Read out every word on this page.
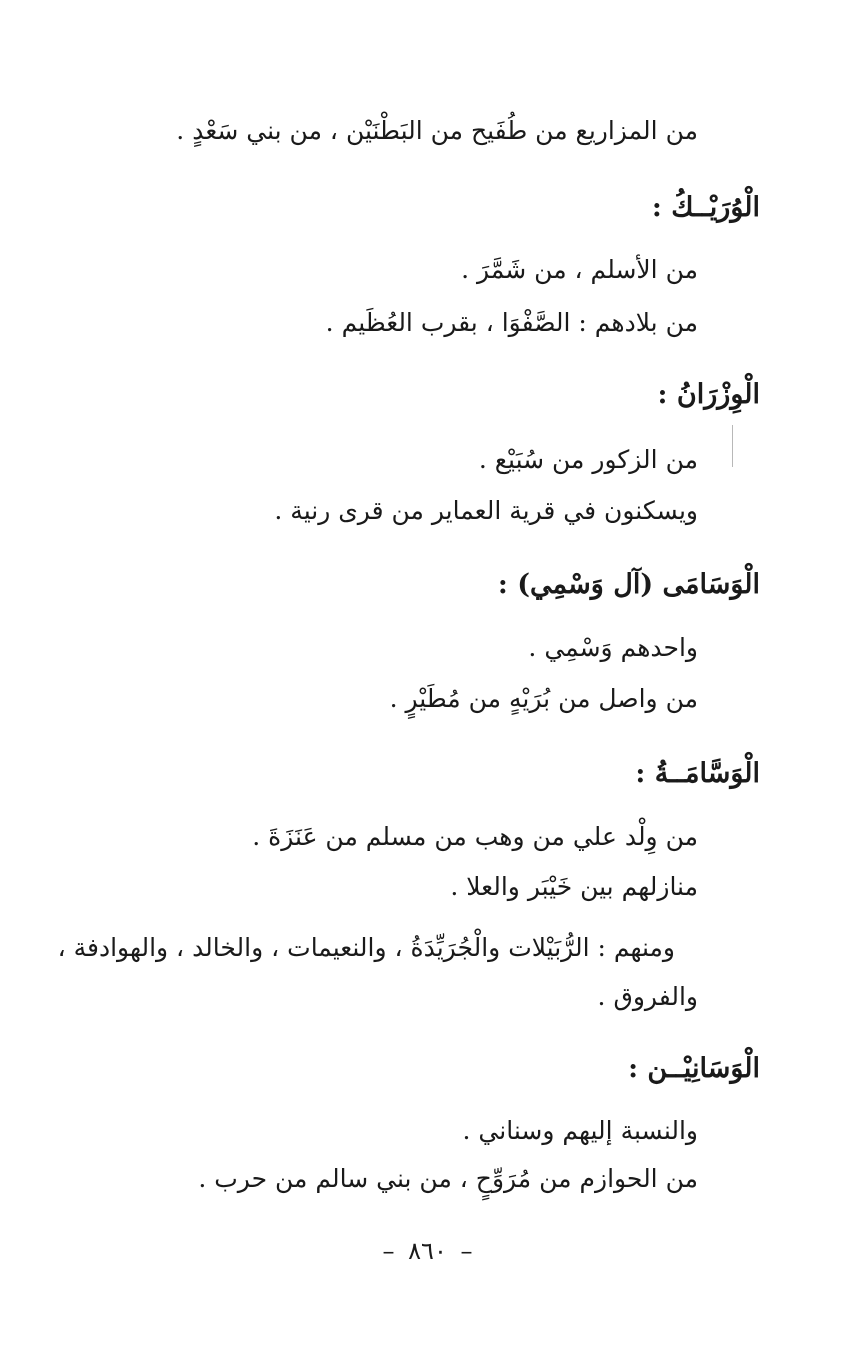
من المزاريع من طُفَيح من البَطْنَيْن ، من بني سَعْدٍ .
الْوُرَيْــكُ :
من الأسلم ، من شَمَّرَ .
من بلادهم : الصَّفْوَا ، بقرب العُظَيم .
الْوِزْرَانُ :
من الزكور من سُبَيْع .
ويسكنون في قرية العماير من قرى رنية .
الْوَسَامَى (آل وَسْمِي) :
واحدهم وَسْمِي .
من واصل من بُرَيْهٍ من مُطَيْرٍ .
الْوَسَّامَــةُ :
من وِلْد علي من وهب من مسلم من عَنَزَةَ .
منازلهم بين خَيْبَر والعلا .
ومنهم : الرُّبَيْلات والْجُرَيِّدَةُ ، والنعيمات ، والخالد ، والهوادفة ،
والفروق .
الْوَسَانِيْــن :
والنسبة إليهم وسناني .
من الحوازم من مُرَوِّحٍ ، من بني سالم من حرب .
– ٨٦٠ –
